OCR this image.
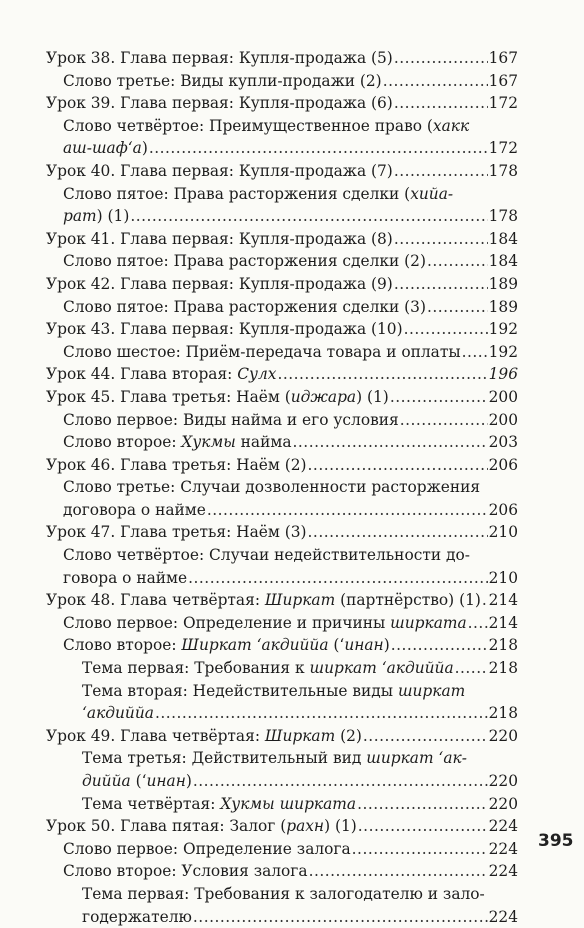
Урок 38. Глава первая: Купля-продажа (5) .....	167
Слово третье: Виды купли-продажи (2) .....	167
Урок 39. Глава первая: Купля-продажа (6) .....	172
Слово четвёртое: Преимущественное право (хакк
аш-шаф‘а) .....	172
Урок 40. Глава первая: Купля-продажа (7) .....	178
Слово пятое: Права расторжения сделки (хийа-
рат) (1) .....	178
Урок 41. Глава первая: Купля-продажа (8) .....	184
Слово пятое: Права расторжения сделки (2) .....	184
Урок 42. Глава первая: Купля-продажа (9) .....	189
Слово пятое: Права расторжения сделки (3) .....	189
Урок 43. Глава первая: Купля-продажа (10) .....	192
Слово шестое: Приём-передача товара и оплаты ..... 192
Урок 44. Глава вторая: Сулх .....	196
Урок 45. Глава третья: Наём (иджара) (1) .....	200
Слово первое: Виды найма и его условия .....	200
Слово второе: Хукмы найма .....	203
Урок 46. Глава третья: Наём (2) .....	206
Слово третье: Случаи дозволенности расторжения
договора о найме .....	206
Урок 47. Глава третья: Наём (3) .....	210
Слово четвёртое: Случаи недействительности до-
говора о найме .....	210
Урок 48. Глава четвёртая: Ширкат (партнёрство) (1) ..... 214
Слово первое: Определение и причины ширката ..... 214
Слово второе: Ширкат ‘акдиййа (‘инан) .....	218
Тема первая: Требования к ширкат ‘акдиййа ..... 218
Тема вторая: Недействительные виды ширкат
‘акдиййа .....	218
Урок 49. Глава четвёртая: Ширкат (2) .....	220
Тема третья: Действительный вид ширкат ‘ак-
диййа (‘инан) .....	220
Тема четвёртая: Хукмы ширката .....	220
Урок 50. Глава пятая: Залог (рахн) (1) .....	224
Слово первое: Определение залога .....	224
Слово второе: Условия залога .....	224
Тема первая: Требования к залогодателю и зало-
годержателю .....	224
395
